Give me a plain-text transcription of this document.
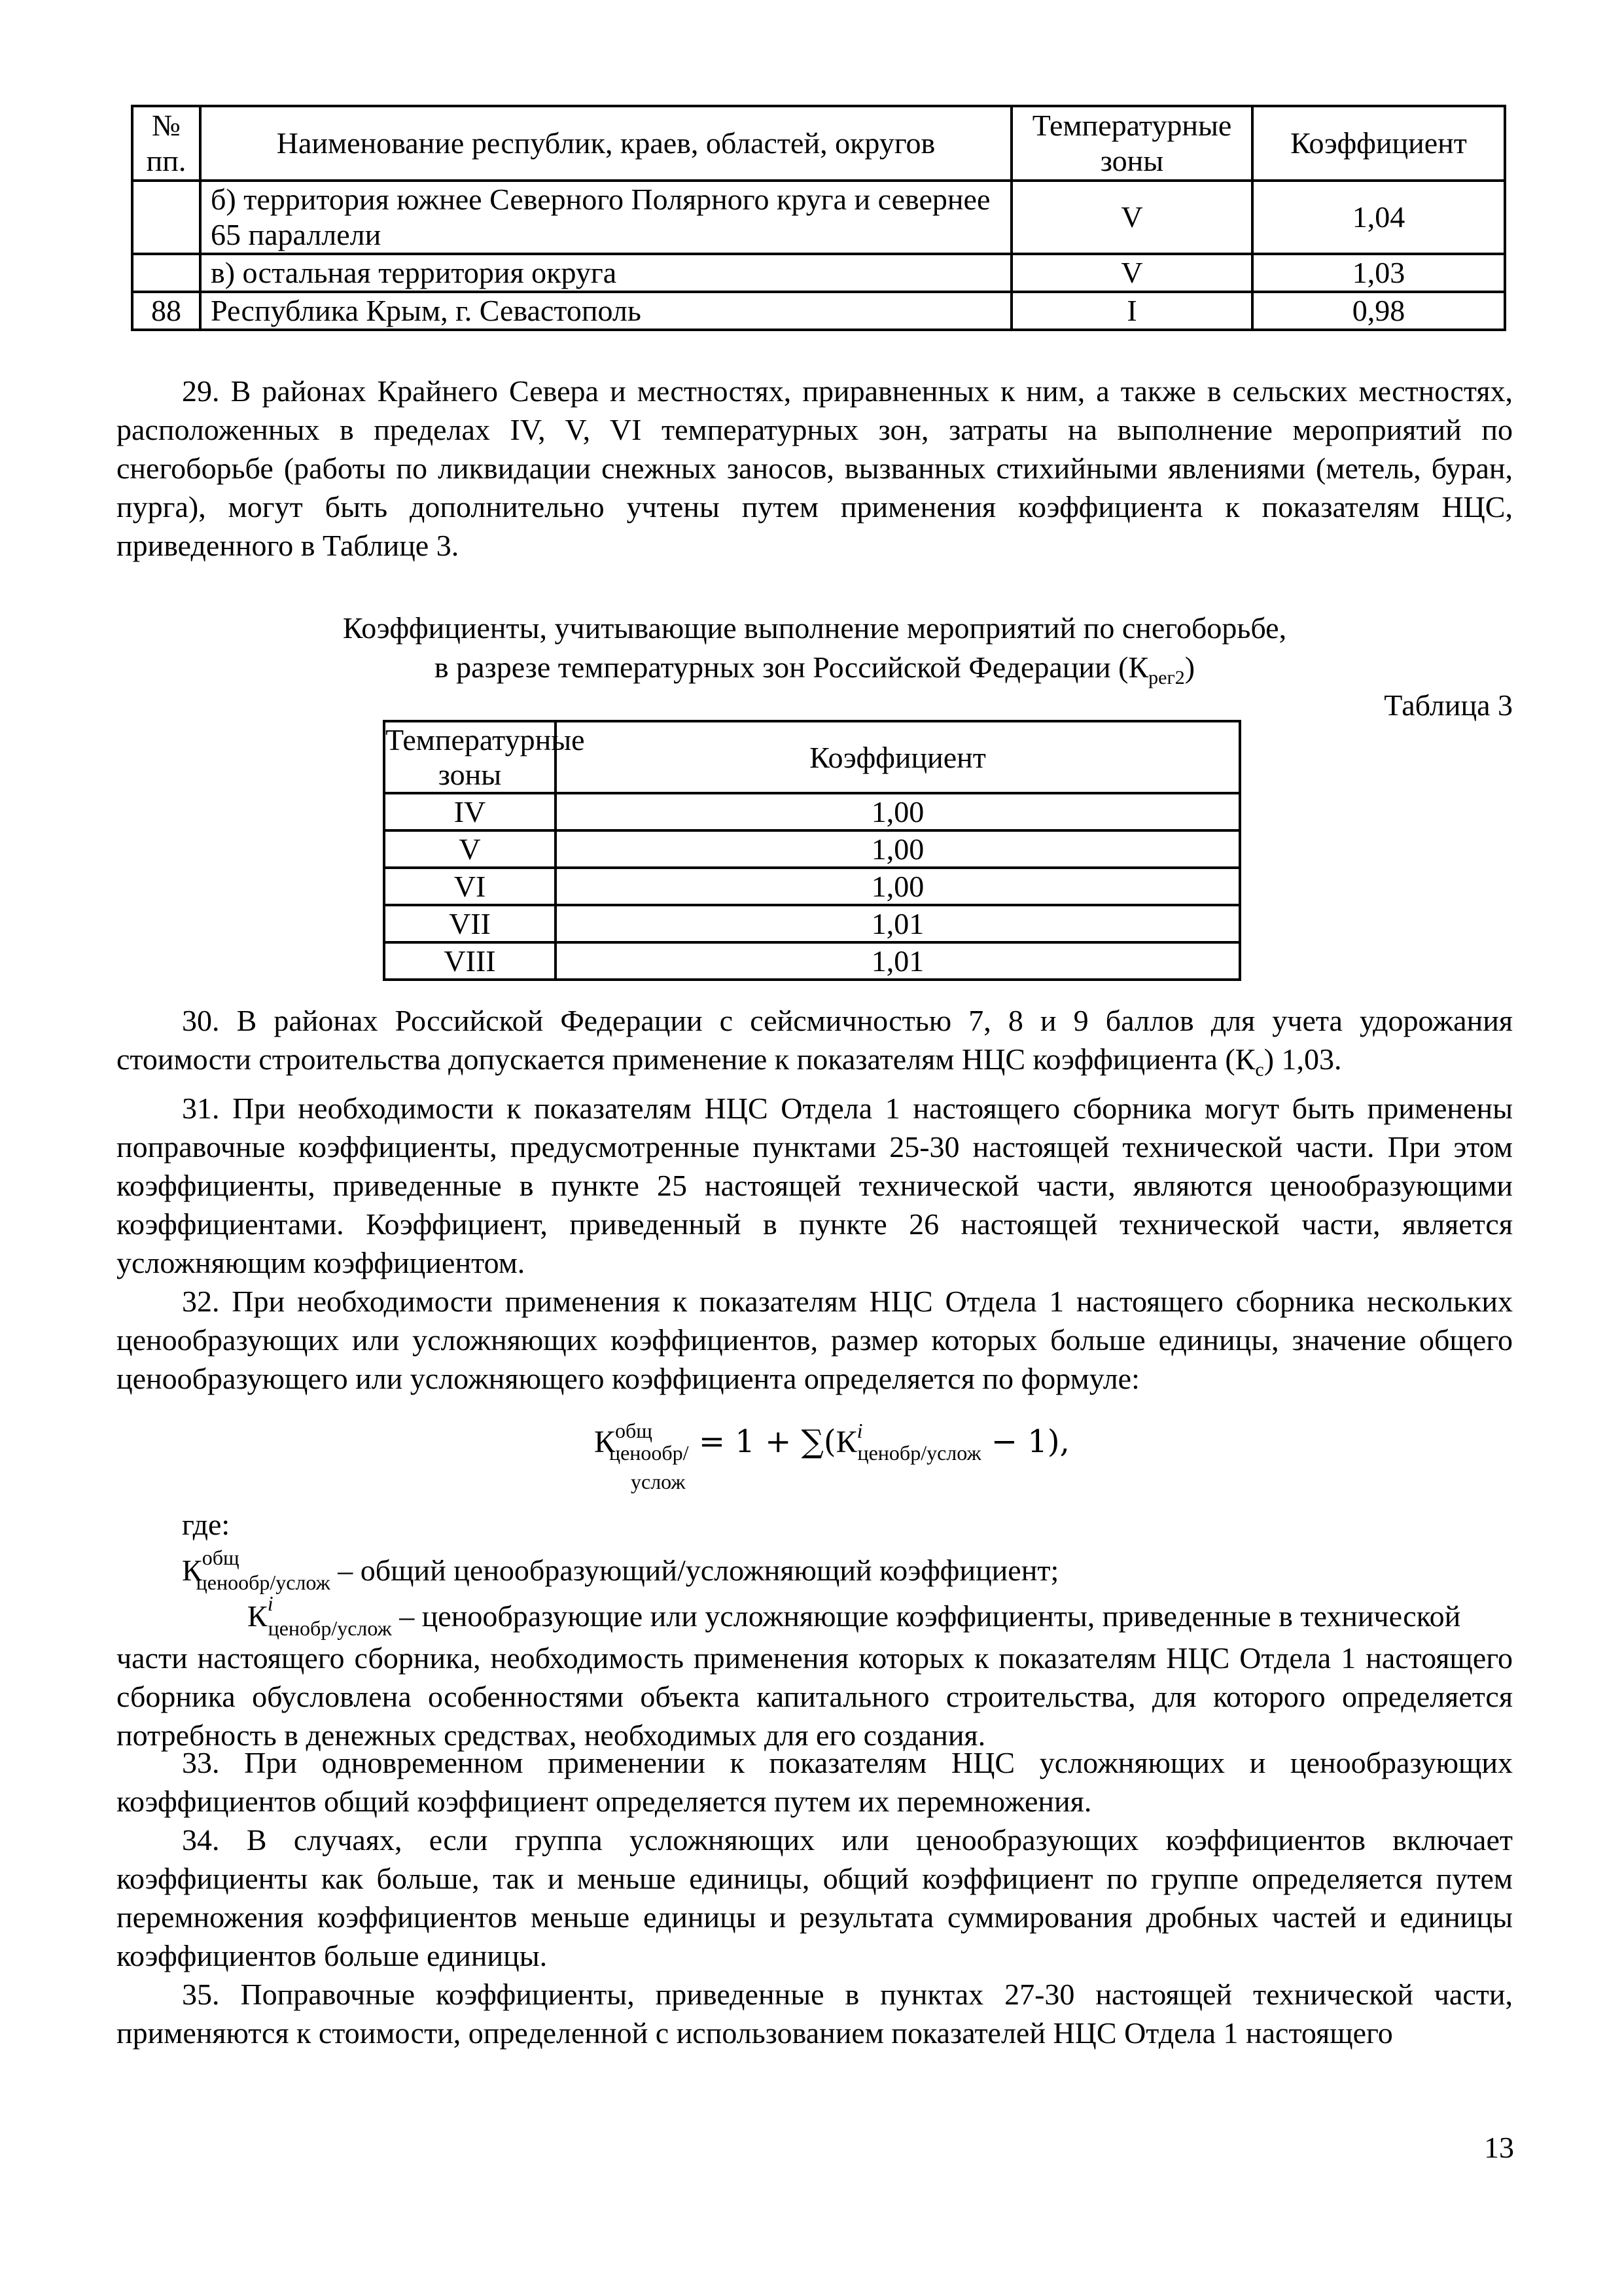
№ пп.	Наименование республик, краев, областей, округов	Температурные зоны	Коэффициент
	б) территория южнее Северного Полярного круга и севернее 65 параллели	V	1,04
	в) остальная территория округа	V	1,03
88	Республика Крым, г. Севастополь	I	0,98

29. В районах Крайнего Севера и местностях, приравненных к ним, а также в сельских местностях, расположенных в пределах IV, V, VI температурных зон, затраты на выполнение мероприятий по снегоборьбе (работы по ликвидации снежных заносов, вызванных стихийными явлениями (метель, буран, пурга), могут быть дополнительно учтены путем применения коэффициента к показателям НЦС, приведенного в Таблице 3.

Коэффициенты, учитывающие выполнение мероприятий по снегоборьбе,
в разрезе температурных зон Российской Федерации $(К_{рег2})$
Таблица 3
Температурные зоны	Коэффициент
IV	1,00
V	1,00
VI	1,00
VII	1,01
VIII	1,01

30. В районах Российской Федерации с сейсмичностью 7, 8 и 9 баллов для учета удорожания стоимости строительства допускается применение к показателям НЦС коэффициента $(К_с)$ 1,03.

31. При необходимости к показателям НЦС Отдела 1 настоящего сборника могут быть применены поправочные коэффициенты, предусмотренные пунктами 25-30 настоящей технической части. При этом коэффициенты, приведенные в пункте 25 настоящей технической части, являются ценообразующими коэффициентами. Коэффициент, приведенный в пункте 26 настоящей технической части, является усложняющим коэффициентом.

32. При необходимости применения к показателям НЦС Отдела 1 настоящего сборника нескольких ценообразующих или усложняющих коэффициентов, размер которых больше единицы, значение общего ценообразующего или усложняющего коэффициента определяется по формуле:

$К^{общ}_{ценообр/}$
услож
= $1 + \sum(К^i_{ценобр/услож} - 1)$,
где:
$К^{общ}_{ценообр/услож}$ – общий ценообразующий/усложняющий коэффициент;

$К^i_{ценобр/услож}$ – ценообразующие или усложняющие коэффициенты, приведенные в технической

части настоящего сборника, необходимость применения которых к показателям НЦС Отдела 1 настоящего сборника обусловлена особенностями объекта капитального строительства, для которого определяется потребность в денежных средствах, необходимых для его создания.

33. При одновременном применении к показателям НЦС усложняющих и ценообразующих коэффициентов общий коэффициент определяется путем их перемножения.

34. В случаях, если группа усложняющих или ценообразующих коэффициентов включает коэффициенты как больше, так и меньше единицы, общий коэффициент по группе определяется путем перемножения коэффициентов меньше единицы и результата суммирования дробных частей и единицы коэффициентов больше единицы.

35. Поправочные коэффициенты, приведенные в пунктах 27-30 настоящей технической части, применяются к стоимости, определенной с использованием показателей НЦС Отдела 1 настоящего

13
